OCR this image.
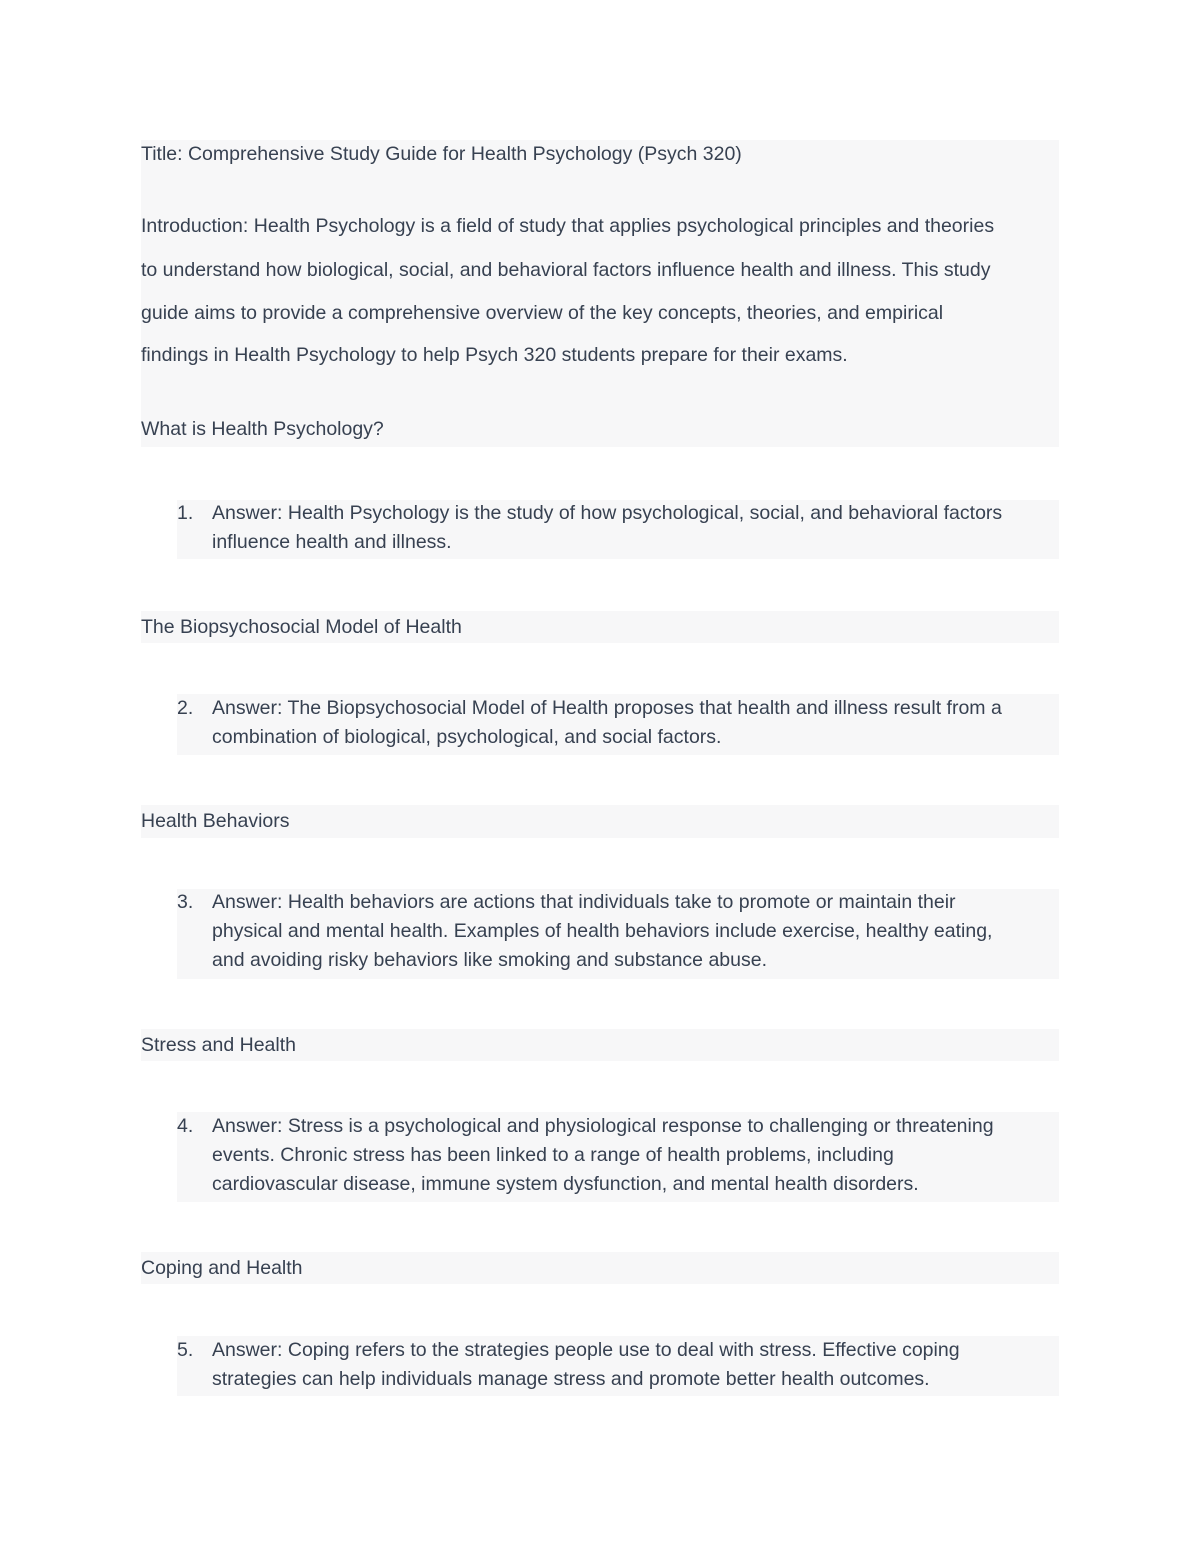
Title: Comprehensive Study Guide for Health Psychology (Psych 320)
Introduction: Health Psychology is a field of study that applies psychological principles and theories
to understand how biological, social, and behavioral factors influence health and illness. This study
guide aims to provide a comprehensive overview of the key concepts, theories, and empirical
findings in Health Psychology to help Psych 320 students prepare for their exams.
What is Health Psychology?
1. Answer: Health Psychology is the study of how psychological, social, and behavioral factors
influence health and illness.
The Biopsychosocial Model of Health
2. Answer: The Biopsychosocial Model of Health proposes that health and illness result from a
combination of biological, psychological, and social factors.
Health Behaviors
3. Answer: Health behaviors are actions that individuals take to promote or maintain their
physical and mental health. Examples of health behaviors include exercise, healthy eating,
and avoiding risky behaviors like smoking and substance abuse.
Stress and Health
4. Answer: Stress is a psychological and physiological response to challenging or threatening
events. Chronic stress has been linked to a range of health problems, including
cardiovascular disease, immune system dysfunction, and mental health disorders.
Coping and Health
5. Answer: Coping refers to the strategies people use to deal with stress. Effective coping
strategies can help individuals manage stress and promote better health outcomes.
